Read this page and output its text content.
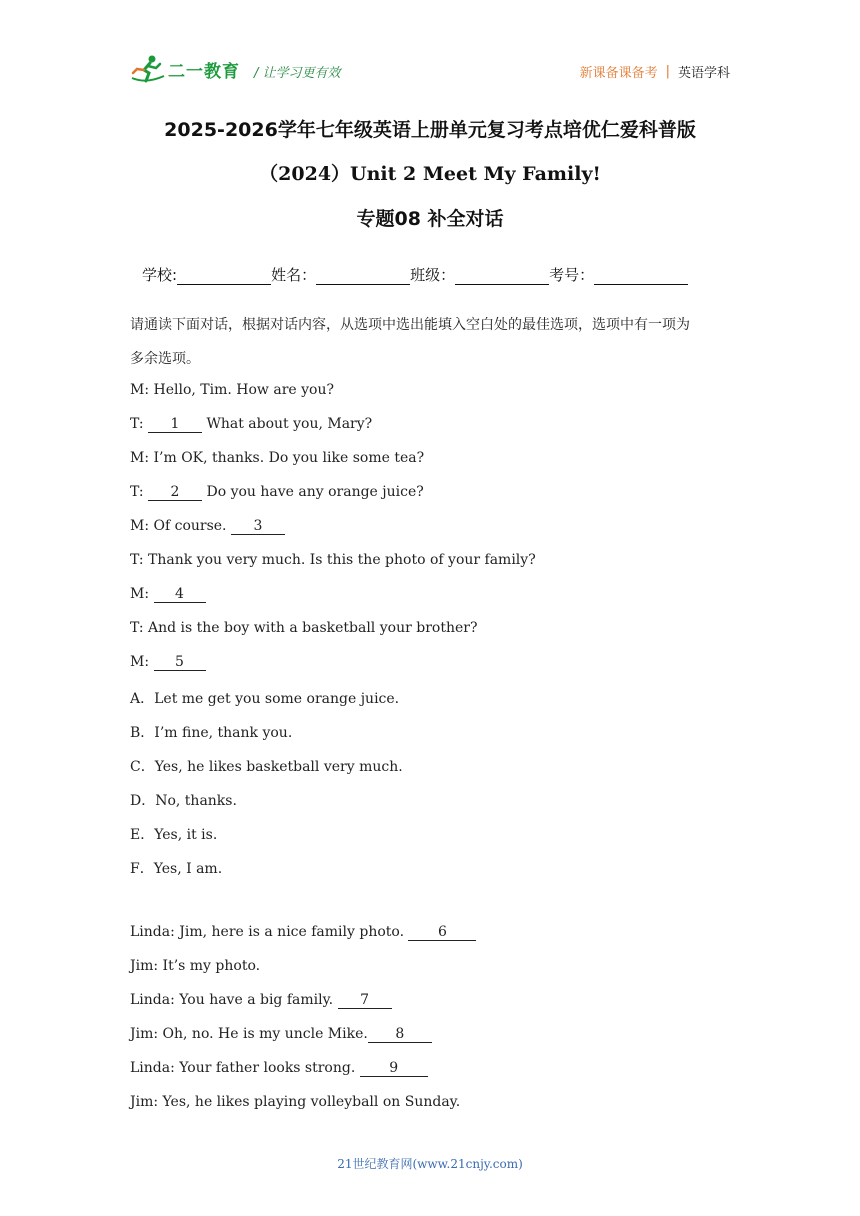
二一教育 / 让学习更有效	新课备课备考 | 英语学科
2025-2026学年七年级英语上册单元复习考点培优仁爱科普版
（2024）Unit 2 Meet My Family!
专题08 补全对话
学校:	姓名：	班级：	考号：
请通读下面对话，根据对话内容，从选项中选出能填入空白处的最佳选项，选项中有一项为
多余选项。
M: Hello, Tim. How are you?
T: 1 What about you, Mary?
M: I’m OK, thanks. Do you like some tea?
T: 2 Do you have any orange juice?
M: Of course. 3
T: Thank you very much. Is this the photo of your family?
M: 4
T: And is the boy with a basketball your brother?
M: 5
A．Let me get you some orange juice.
B．I’m fine, thank you.
C．Yes, he likes basketball very much.
D．No, thanks.
E．Yes, it is.
F．Yes, I am.
Linda: Jim, here is a nice family photo. 6
Jim: It’s my photo.
Linda: You have a big family. 7
Jim: Oh, no. He is my uncle Mike. 8
Linda: Your father looks strong. 9
Jim: Yes, he likes playing volleyball on Sunday.
21世纪教育网(www.21cnjy.com)
